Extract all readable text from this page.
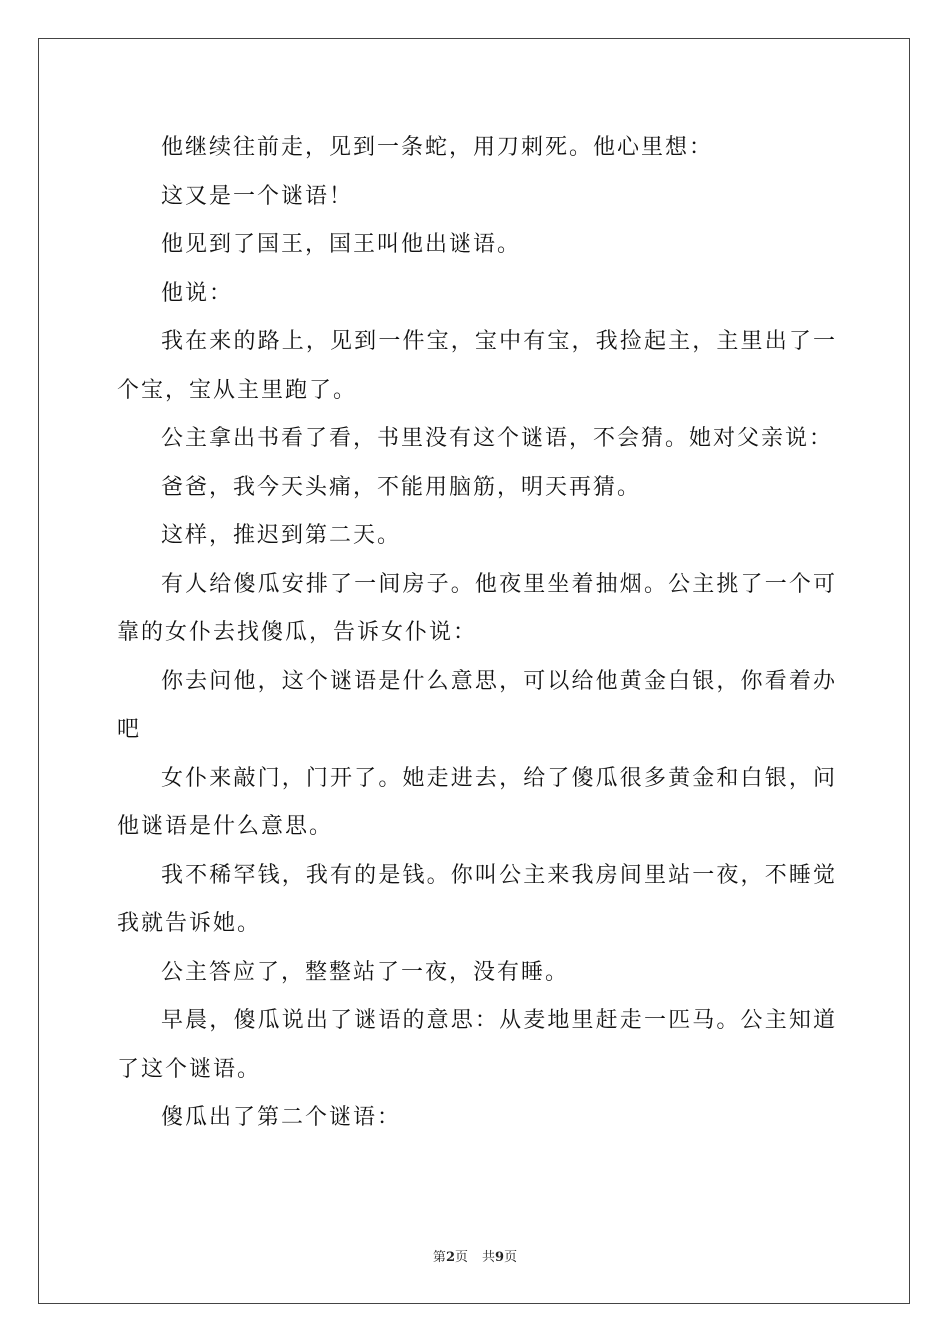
他继续往前走，见到一条蛇，用刀刺死。他心里想：

这又是一个谜语！

他见到了国王，国王叫他出谜语。

他说：

我在来的路上，见到一件宝，宝中有宝，我捡起主，主里出了一个宝，宝从主里跑了。

公主拿出书看了看，书里没有这个谜语，不会猜。她对父亲说：

爸爸，我今天头痛，不能用脑筋，明天再猜。

这样，推迟到第二天。

有人给傻瓜安排了一间房子。他夜里坐着抽烟。公主挑了一个可靠的女仆去找傻瓜，告诉女仆说：

你去问他，这个谜语是什么意思，可以给他黄金白银，你看着办吧

女仆来敲门，门开了。她走进去，给了傻瓜很多黄金和白银，问他谜语是什么意思。

我不稀罕钱，我有的是钱。你叫公主来我房间里站一夜，不睡觉我就告诉她。

公主答应了，整整站了一夜，没有睡。

早晨，傻瓜说出了谜语的意思：从麦地里赶走一匹马。公主知道了这个谜语。

傻瓜出了第二个谜语：

第2页 共9页
